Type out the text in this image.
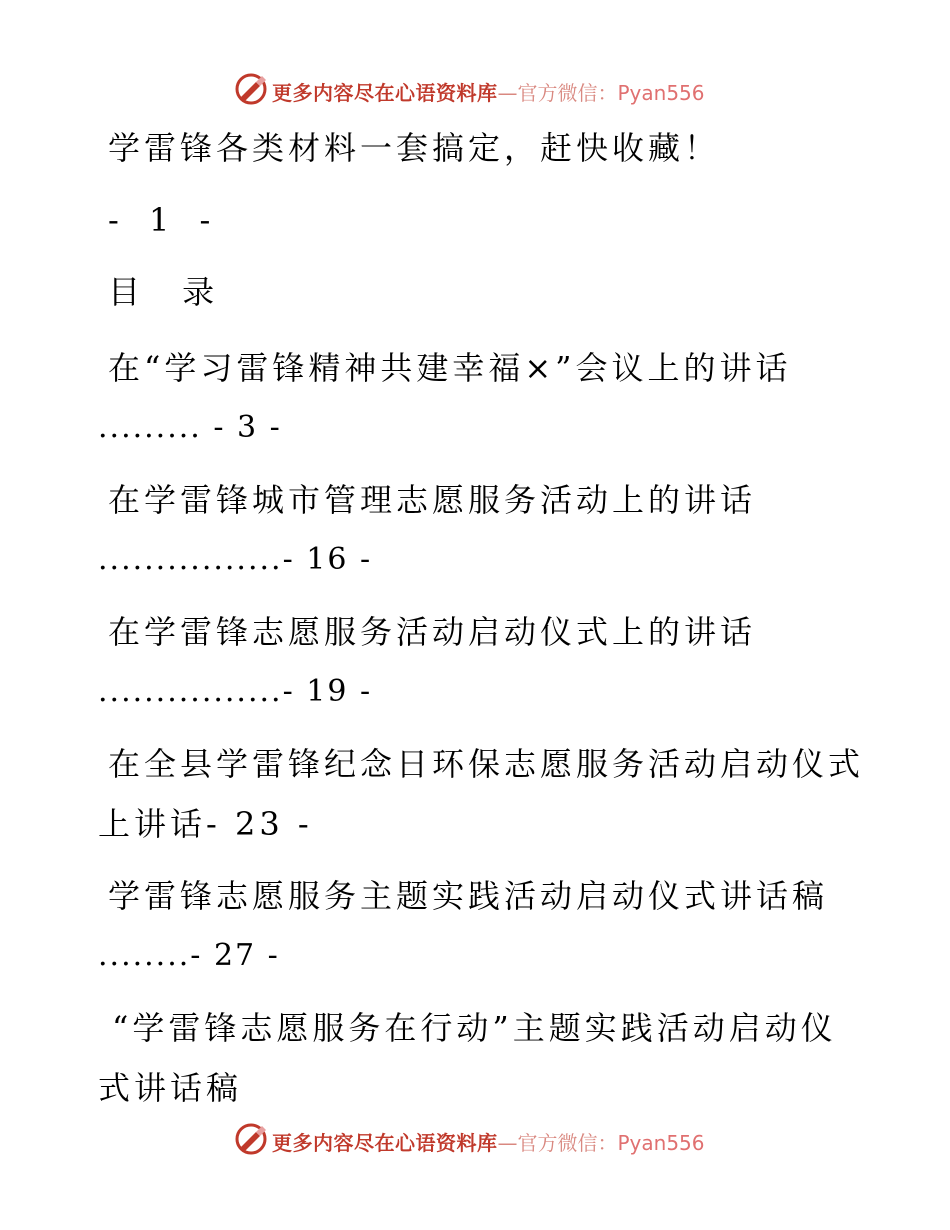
更多内容尽在心语资料库—官方微信：Pyan556
学雷锋各类材料一套搞定，赶快收藏！
- 1 -
目 录
在“学习雷锋精神共建幸福×”会议上的讲话
......... - 3 -
在学雷锋城市管理志愿服务活动上的讲话
................- 16 -
在学雷锋志愿服务活动启动仪式上的讲话
................- 19 -
在全县学雷锋纪念日环保志愿服务活动启动仪式
上讲话- 23 -
学雷锋志愿服务主题实践活动启动仪式讲话稿
........- 27 -
“学雷锋志愿服务在行动”主题实践活动启动仪
式讲话稿
更多内容尽在心语资料库—官方微信：Pyan556
